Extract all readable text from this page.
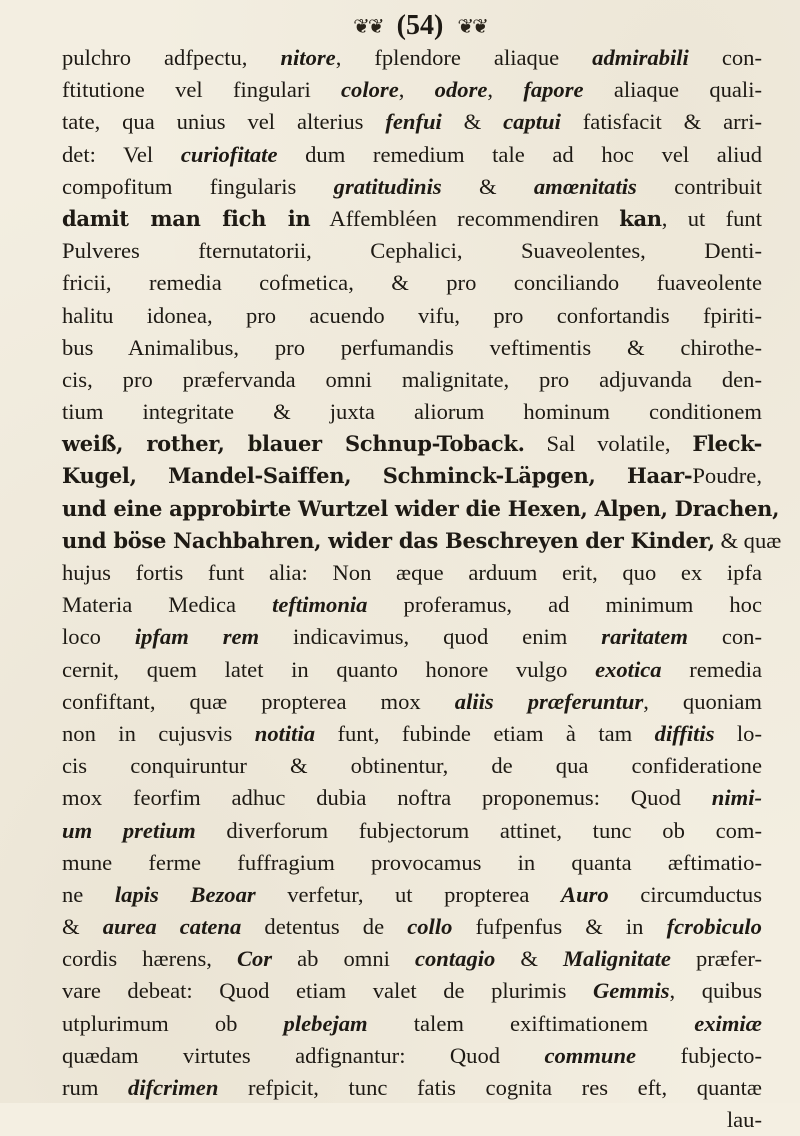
❦❦ (54) ❦❦
pulchro adfpectu, nitore, fplendore aliaque admirabili con-
ftitutione vel fingulari colore, odore, fapore aliaque quali-
tate, qua unius vel alterius fenfui & captui fatisfacit & arri-
det: Vel curiofitate dum remedium tale ad hoc vel aliud
compofitum fingularis gratitudinis & amœnitatis contribuit
damit man fich in Affembléen recommendiren kan, ut funt
Pulveres fternutatorii, Cephalici, Suaveolentes, Denti-
fricii, remedia cofmetica, & pro conciliando fuaveolente
halitu idonea, pro acuendo vifu, pro confortandis fpiriti-
bus Animalibus, pro perfumandis veftimentis & chirothe-
cis, pro præfervanda omni malignitate, pro adjuvanda den-
tium integritate & juxta aliorum hominum conditionem
weiß, rother, blauer Schnup-Toback. Sal volatile, Fleck-
Kugel, Mandel-Saiffen, Schminck-Läpgen, Haar-Poudre,
und eine approbirte Wurtzel wider die Hexen, Alpen, Drachen,
und böse Nachbahren, wider das Beschreyen der Kinder, & quæ
hujus fortis funt alia: Non æque arduum erit, quo ex ipfa
Materia Medica teftimonia proferamus, ad minimum hoc
loco ipfam rem indicavimus, quod enim raritatem con-
cernit, quem latet in quanto honore vulgo exotica remedia
confiftant, quæ propterea mox aliis præferuntur, quoniam
non in cujusvis notitia funt, fubinde etiam à tam diffitis lo-
cis conquiruntur & obtinentur, de qua confideratione
mox feorfim adhuc dubia noftra proponemus: Quod nimi-
um pretium diverforum fubjectorum attinet, tunc ob com-
mune ferme fuffragium provocamus in quanta æftimatio-
ne lapis Bezoar verfetur, ut propterea Auro circumductus
& aurea catena detentus de collo fufpenfus & in fcrobiculo
cordis hærens, Cor ab omni contagio & Malignitate præfer-
vare debeat: Quod etiam valet de plurimis Gemmis, quibus
utplurimum ob plebejam talem exiftimationem eximiæ
quædam virtutes adfignantur: Quod commune fubjecto-
rum difcrimen refpicit, tunc fatis cognita res eft, quantæ
lau-
